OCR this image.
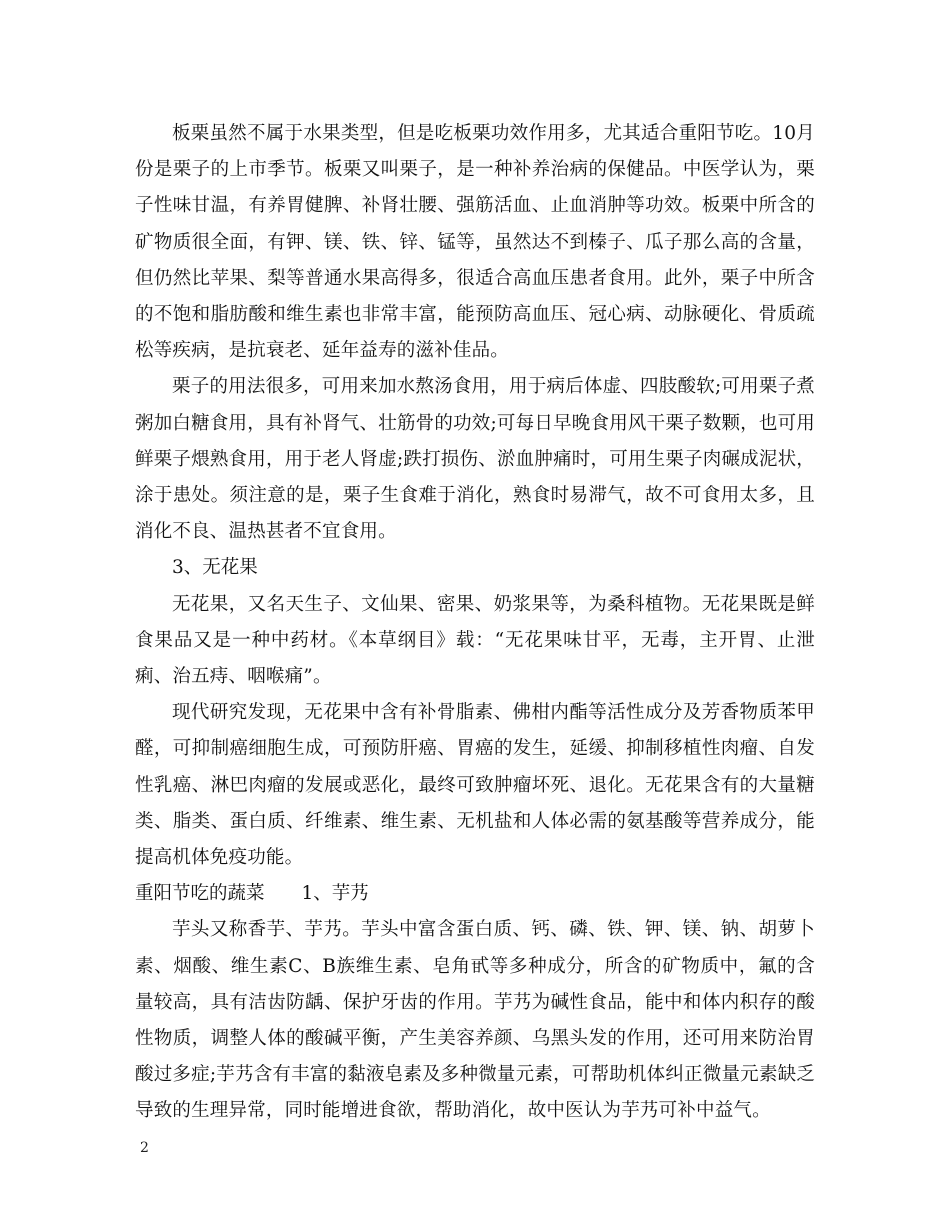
板栗虽然不属于水果类型，但是吃板栗功效作用多，尤其适合重阳节吃。10月份是栗子的上市季节。板栗又叫栗子，是一种补养治病的保健品。中医学认为，栗子性味甘温，有养胃健脾、补肾壮腰、强筋活血、止血消肿等功效。板栗中所含的矿物质很全面，有钾、镁、铁、锌、锰等，虽然达不到榛子、瓜子那么高的含量，但仍然比苹果、梨等普通水果高得多，很适合高血压患者食用。此外，栗子中所含的不饱和脂肪酸和维生素也非常丰富，能预防高血压、冠心病、动脉硬化、骨质疏松等疾病，是抗衰老、延年益寿的滋补佳品。

栗子的用法很多，可用来加水熬汤食用，用于病后体虚、四肢酸软;可用栗子煮粥加白糖食用，具有补肾气、壮筋骨的功效;可每日早晚食用风干栗子数颗，也可用鲜栗子煨熟食用，用于老人肾虚;跌打损伤、淤血肿痛时，可用生栗子肉碾成泥状，涂于患处。须注意的是，栗子生食难于消化，熟食时易滞气，故不可食用太多，且消化不良、温热甚者不宜食用。

3、无花果

无花果，又名天生子、文仙果、密果、奶浆果等，为桑科植物。无花果既是鲜食果品又是一种中药材。《本草纲目》载：“无花果味甘平，无毒，主开胃、止泄痢、治五痔、咽喉痛”。

现代研究发现，无花果中含有补骨脂素、佛柑内酯等活性成分及芳香物质苯甲醛，可抑制癌细胞生成，可预防肝癌、胃癌的发生，延缓、抑制移植性肉瘤、自发性乳癌、淋巴肉瘤的发展或恶化，最终可致肿瘤坏死、退化。无花果含有的大量糖类、脂类、蛋白质、纤维素、维生素、无机盐和人体必需的氨基酸等营养成分，能提高机体免疫功能。

重阳节吃的蔬菜　　1、芋艿

芋头又称香芋、芋艿。芋头中富含蛋白质、钙、磷、铁、钾、镁、钠、胡萝卜素、烟酸、维生素C、B族维生素、皂角甙等多种成分，所含的矿物质中，氟的含量较高，具有洁齿防龋、保护牙齿的作用。芋艿为碱性食品，能中和体内积存的酸性物质，调整人体的酸碱平衡，产生美容养颜、乌黑头发的作用，还可用来防治胃酸过多症;芋艿含有丰富的黏液皂素及多种微量元素，可帮助机体纠正微量元素缺乏导致的生理异常，同时能增进食欲，帮助消化，故中医认为芋艿可补中益气。

2
